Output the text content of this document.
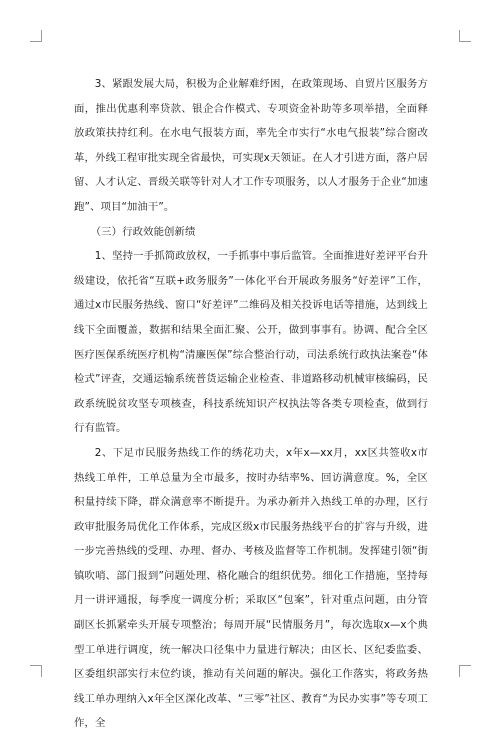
3、紧跟发展大局，积极为企业解难纾困，在政策现场、自贸片区服务方面，推出优惠利率贷款、银企合作模式、专项资金补助等多项举措，全面释放政策扶持红利。在水电气报装方面，率先全市实行“水电气报装”综合窗改革，外线工程审批实现全省最快，可实现x天领证。在人才引进方面，落户居留、人才认定、晋级关联等针对人才工作专项服务，以人才服务于企业“加速跑”、项目“加油干”。

（三）行政效能创新绩

1、坚持一手抓简政放权，一手抓事中事后监管。全面推进好差评平台升级建设，依托省“互联+政务服务”一体化平台开展政务服务“好差评”工作，通过x市民服务热线、窗口“好差评”二维码及相关投诉电话等措施，达到线上线下全面覆盖，数据和结果全面汇聚、公开，做到事事有。协调、配合全区医疗医保系统医疗机构“清廉医保”综合整治行动，司法系统行政执法案卷“体检式”评查，交通运输系统普货运输企业检查、非道路移动机械审核编码，民政系统脱贫攻坚专项核查，科技系统知识产权执法等各类专项检查，做到行行有监管。

2、下足市民服务热线工作的绣花功夫，x年x—xx月，xx区共签收x市热线工单件，工单总量为全市最多，按时办结率%、回访满意度。%，全区积量持续下降，群众满意率不断提升。为承办新并入热线工单的办理，区行政审批服务局优化工作体系，完成区级x市民服务热线平台的扩容与升级，进一步完善热线的受理、办理、督办、考核及监督等工作机制。发挥建引领“街镇吹哨、部门报到”问题处理、格化融合的组织优势。细化工作措施，坚持每月一讲评通报，每季度一调度分析；采取区“包案”，针对重点问题，由分管副区长抓紧牵头开展专项整治；每周开展“民情服务月”，每次选取x—x个典型工单进行调度，统一解决口径集中力量进行解决；由区长、区纪委监委、区委组织部实行末位约谈，推动有关问题的解决。强化工作落实，将政务热线工单办理纳入x年全区深化改革、“三零”社区、教育“为民办实事”等专项工作，全
